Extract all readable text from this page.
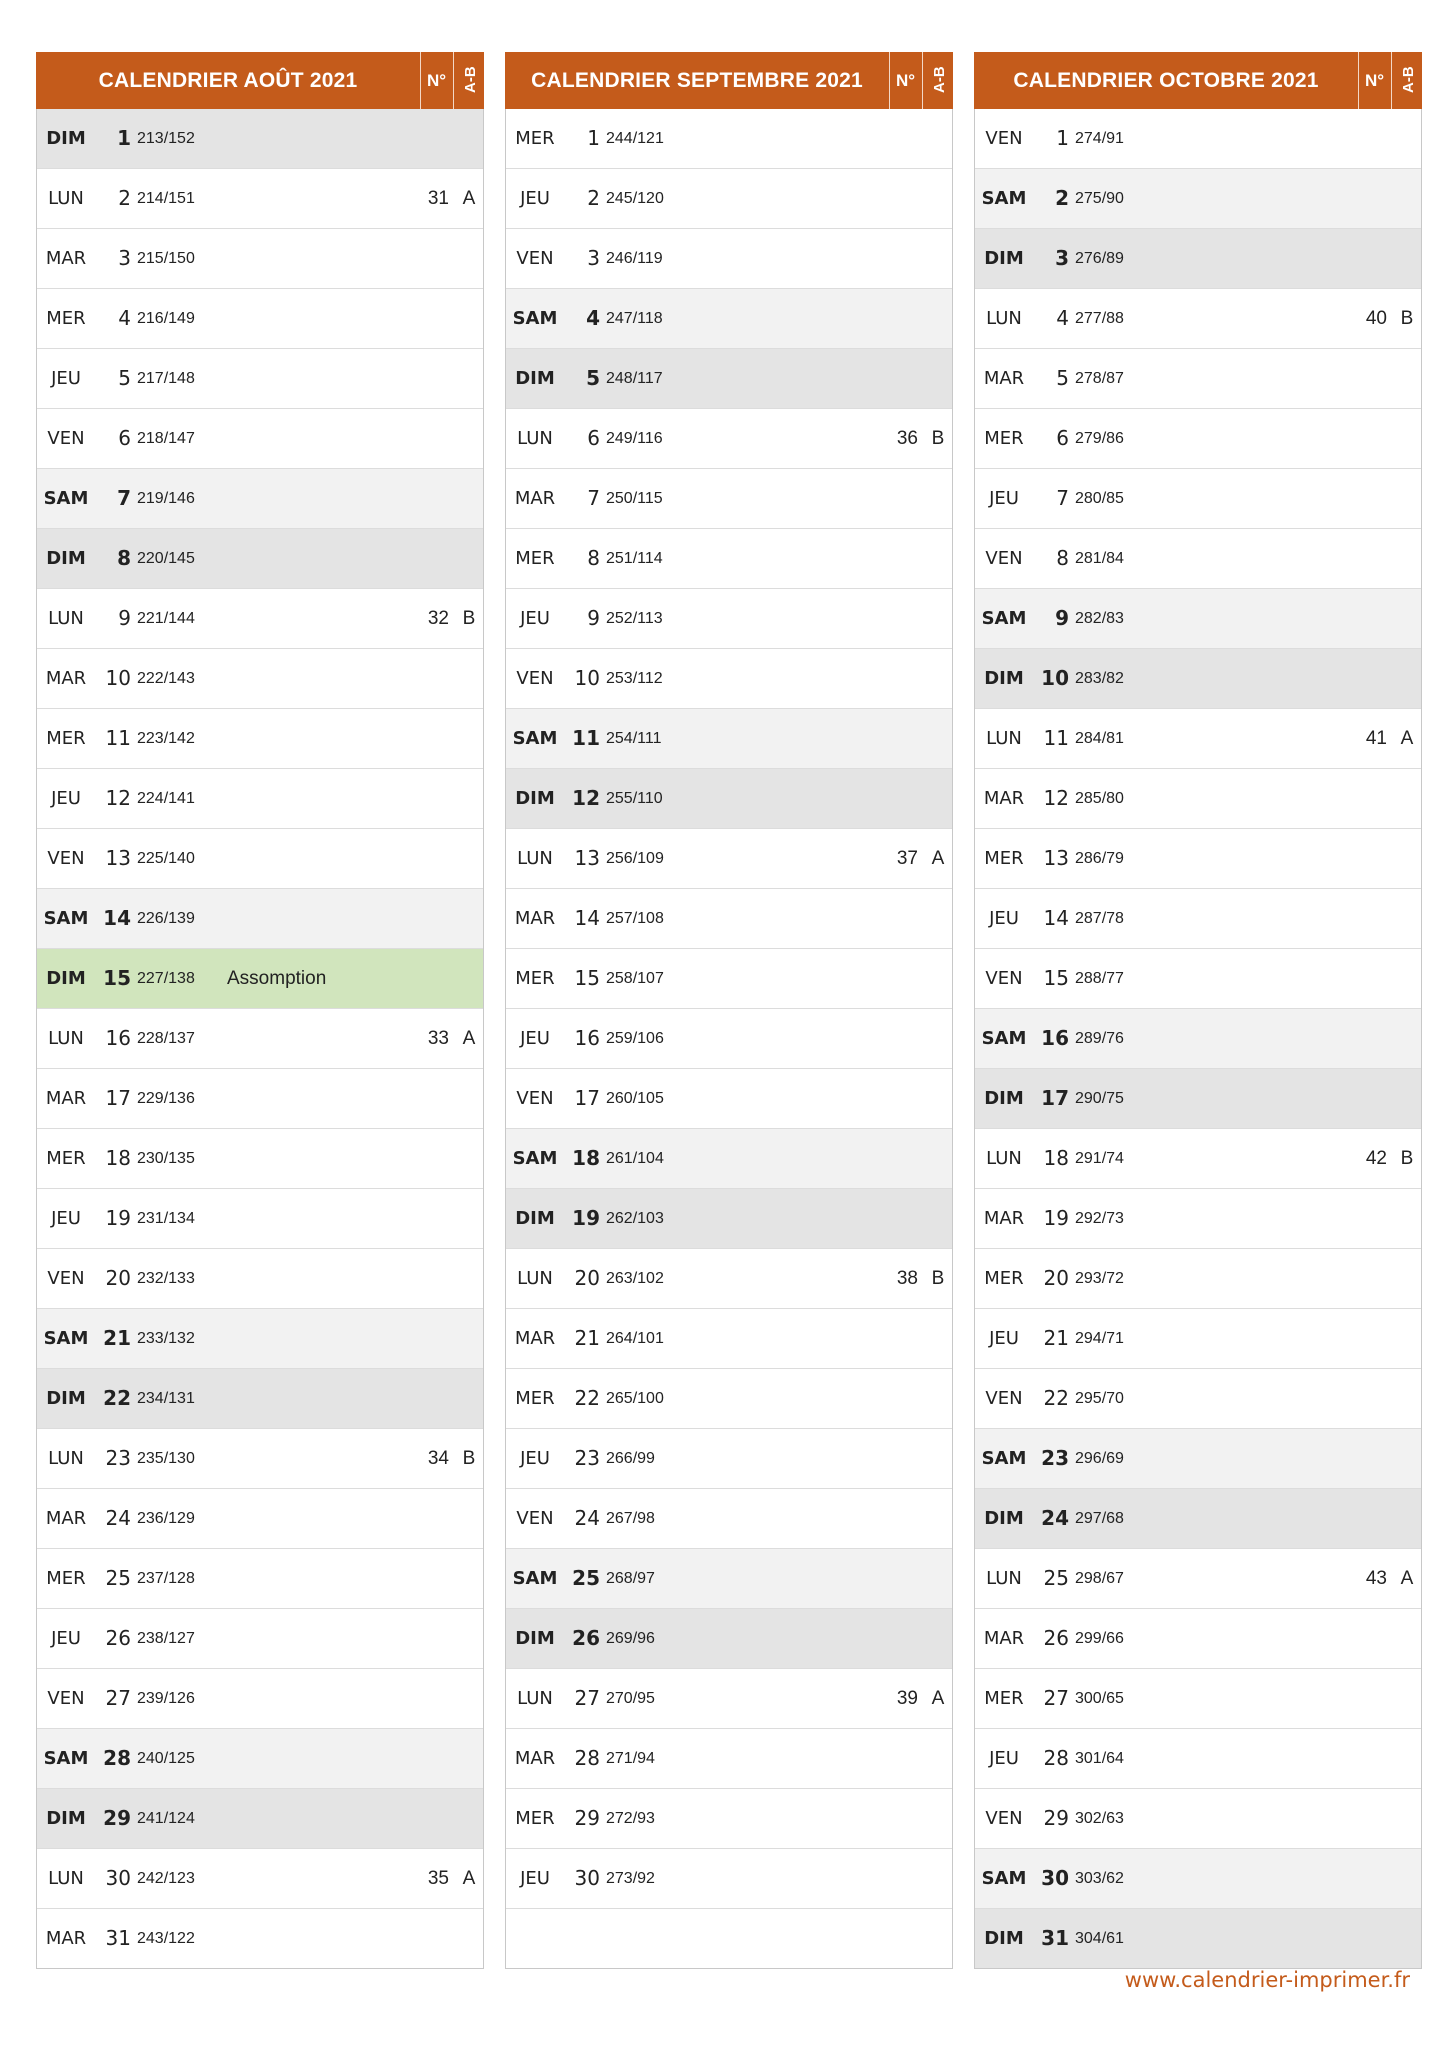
CALENDRIER AOÛT 2021	N°	A-B
DIM	1 213/152
LUN	2 214/151	31 A
MAR	3 215/150
MER	4 216/149
JEU	5 217/148
VEN	6 218/147
SAM	7 219/146
DIM	8 220/145
LUN	9 221/144	32 B
MAR 10 222/143
MER 11 223/142
JEU	12 224/141
VEN	13 225/140
SAM 14 226/139
DIM 15 227/138 Assomption
LUN	16 228/137	33 A
MAR 17 229/136
MER 18 230/135
JEU	19 231/134
VEN	20 232/133
SAM 21 233/132
DIM 22 234/131
LUN	23 235/130	34 B
MAR 24 236/129
MER 25 237/128
JEU	26 238/127
VEN	27 239/126
SAM 28 240/125
DIM 29 241/124
LUN	30 242/123	35 A
MAR 31 243/122
CALENDRIER SEPTEMBRE 2021	N°	A-B
MER	1 244/121
JEU	2 245/120
VEN	3 246/119
SAM	4 247/118
DIM	5 248/117
LUN	6 249/116	36 B
MAR	7 250/115
MER	8 251/114
JEU	9 252/113
VEN	10 253/112
SAM 11 254/111
DIM 12 255/110
LUN	13 256/109	37 A
MAR 14 257/108
MER 15 258/107
JEU	16 259/106
VEN	17 260/105
SAM 18 261/104
DIM 19 262/103
LUN	20 263/102	38 B
MAR 21 264/101
MER 22 265/100
JEU	23 266/99
VEN	24 267/98
SAM 25 268/97
DIM 26 269/96
LUN	27 270/95	39 A
MAR 28 271/94
MER 29 272/93
JEU	30 273/92
CALENDRIER OCTOBRE 2021	N°	A-B
VEN	1 274/91
SAM	2 275/90
DIM	3 276/89
LUN	4 277/88	40 B
MAR	5 278/87
MER	6 279/86
JEU	7 280/85
VEN	8 281/84
SAM	9 282/83
DIM 10 283/82
LUN	11 284/81	41 A
MAR 12 285/80
MER 13 286/79
JEU	14 287/78
VEN	15 288/77
SAM 16 289/76
DIM 17 290/75
LUN	18 291/74	42 B
MAR 19 292/73
MER 20 293/72
JEU	21 294/71
VEN	22 295/70
SAM 23 296/69
DIM 24 297/68
LUN	25 298/67	43 A
MAR 26 299/66
MER 27 300/65
JEU	28 301/64
VEN	29 302/63
SAM 30 303/62
DIM 31 304/61
www.calendrier-imprimer.fr
